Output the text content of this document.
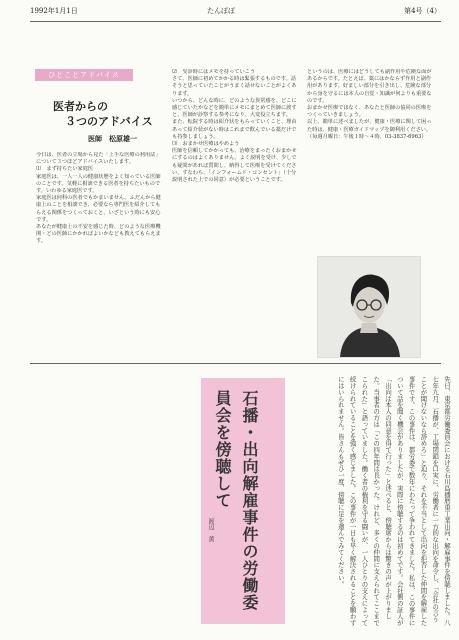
1992年1月1日	たんぽぽ	第4号（4）
ひとことアドバイス
医者からの
３つのアドバイス
医師　松原雄一

今日は、医者の立場から見た「上手な医療の利用法」について３つほどアドバイスいたします。

⑴　まず持ちたい家庭医

家庭医は、一人一人の健康状態をよく知っている医師のことです。気軽に相談できる医者を持ちたいものです。いわゆる家庭医です。

家庭医は何科の医者でもかまいません。ふだんから健康上のことを相談でき、必要なら専門医を紹介してもらえる関係をつくっておくと、いざという時にも安心です。

あなたが健康上の不安を感じた時、どのような医療機関・どの医師にかかればよいかなども教えてもらえます。

⑵　受診時にはメモを持っていこう

さて、医師に初めてかかる時は緊張するものです。話そうと思っていたことがうまく話せないことがよくあります。

いつから、どんな時に、どのような異常感を、どこに感じていたかなどを簡単にメモにまとめて医師に渡すと、医師が診察する参考になり、大変役立ちます。

また、転院する時は紹介状をもらっていくこと、理由あって紹介状がない時はこれまで飲んでいる薬だけでも持参しましょう。

⑶　おまかせ医療はやめよう

医師を信頼してかかっても、治療をまったくおまかせにするのはよくありません。よく説明を受け、少しでも疑問があれば質問し、納得して医療を受けてください。すなわち、「インフォームド・コンセント」（十分説明された上での同意）が必要ということです。

というのは、医療にはどうしても副作用や危険な面があるからです。たとえば、薬にはかならず作用と副作用があります。好ましい部分を引き出し、危険な部分から身を守るには本人の自覚・知識が何よりも重要なのです。

おまかせ医療ではなく、あなたと医師の協同の医療をつくっていきましょう。

以上、簡単に述べましたが、健康・医療に関して困った時は、健康・医療ガイドマップを御利用ください。（毎週月曜日：午後１時〜４時、03-3837-6963）

先日、東京都労働委員会における石川島播磨重工業出向・解雇事件を傍聴しました。八七年九月、石播が、工場閉鎖を口実に、労働者に一方的な出向を命令し、「会社の言うことが聞けないなら辞めろ」と迫り、それを不当として出向を拒否した仲間を解雇した事件です。この事件は、都労委で数年にわたって争われてきました。私は、この事件について話を聞く機会がありましたが、実際に傍聴するのは初めてです。会社側の証人が「出向は本人の同意を得て行った」と述べると、傍聴席からは驚きの声が上がりました。当事者の方は「この四年間は長かった。けれど、多くの仲間に支えられてここまでこられた」と語っていました。働く者の権利を守る闘いが、一人ひとりの支えによって続けられていることを強く感じました。この事件が一日も早く解決されることを願わずにはいられません。皆さんもぜひ一度、傍聴に足を運んでみてください。
石播・出向解雇事件の労働委員会を傍聴して
渡辺　薫
